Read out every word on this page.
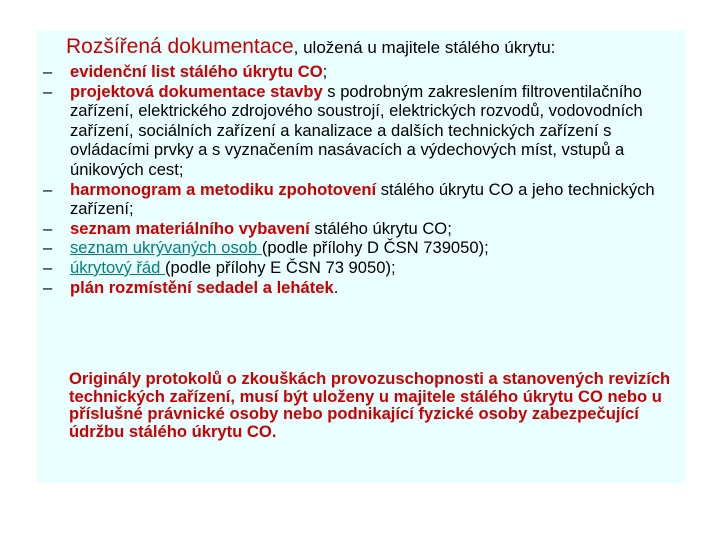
Rozšířená dokumentace, uložená u majitele stálého úkrytu:
– evidenční list stálého úkrytu CO;
– projektová dokumentace stavby s podrobným zakreslením filtroventilačního zařízení, elektrického zdrojového soustrojí, elektrických rozvodů, vodovodních zařízení, sociálních zařízení a kanalizace a dalších technických zařízení s ovládacími prvky a s vyznačením nasávacích a výdechových míst, vstupů a únikových cest;
– harmonogram a metodiku zpohotovení stálého úkrytu CO a jeho technických zařízení;
– seznam materiálního vybavení stálého úkrytu CO;
– seznam ukrývaných osob (podle přílohy D ČSN 739050);
– úkrytový řád (podle přílohy E ČSN 73 9050);
– plán rozmístění sedadel a lehátek.

Originály protokolů o zkouškách provozuschopnosti a stanovených revizích technických zařízení, musí být uloženy u majitele stálého úkrytu CO nebo u příslušné právnické osoby nebo podnikající fyzické osoby zabezpečující údržbu stálého úkrytu CO.
